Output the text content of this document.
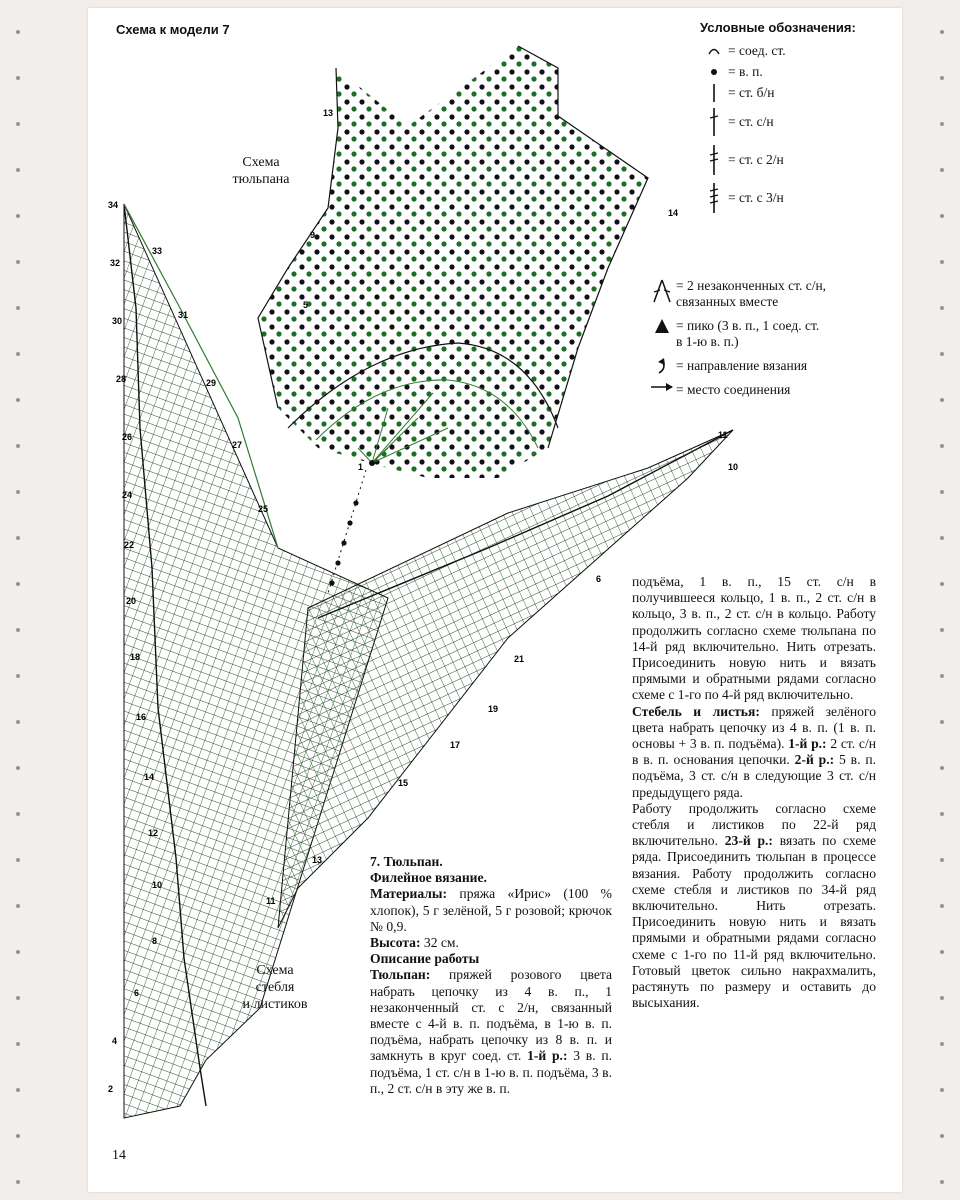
Схема к модели 7
1
5
9
13
14
34
32
30
28
26
24
22
20
18
16
14
12
10
8
6
4
2
33
31
29
27
25
11
10
6
21
19
17
15
13
11
Схема
тюльпана
Схема
стебля
и листиков
Условные обозначения:
= соед. ст.
= в. п.
= ст. б/н
= ст. с/н
= ст. с 2/н
= ст. с 3/н
= 2 незаконченных ст. с/н,
связанных вместе
= пико (3 в. п., 1 соед. ст.
в 1-ю в. п.)
= направление вязания
= место соединения

7. Тюльпан.

Филейное вязание.

Материалы: пряжа «Ирис» (100 % хлопок), 5 г зелёной, 5 г розовой; крючок № 0,9.

Высота: 32 см.

Описание работы

Тюльпан: пряжей розового цвета набрать цепочку из 4 в. п., 1 незаконченный ст. с 2/н, связанный вместе с 4-й в. п. подъёма, в 1-ю в. п. подъёма, набрать цепочку из 8 в. п. и замкнуть в круг соед. ст. 1-й р.: 3 в. п. подъёма, 1 ст. с/н в 1-ю в. п. подъёма, 3 в. п., 2 ст. с/н в эту же в. п.

подъёма, 1 в. п., 15 ст. с/н в получившееся кольцо, 1 в. п., 2 ст. с/н в кольцо, 3 в. п., 2 ст. с/н в кольцо. Работу продолжить согласно схеме тюльпана по 14-й ряд включительно. Нить отрезать. Присоединить новую нить и вязать прямыми и обратными рядами согласно схеме с 1-го по 4-й ряд включительно.

Стебель и листья: пряжей зелёного цвета набрать цепочку из 4 в. п. (1 в. п. основы + 3 в. п. подъёма). 1-й р.: 2 ст. с/н в в. п. основания цепочки. 2-й р.: 5 в. п. подъёма, 3 ст. с/н в следующие 3 ст. с/н предыдущего ряда.

Работу продолжить согласно схеме стебля и листиков по 22-й ряд включительно. 23-й р.: вязать по схеме ряда. Присоединить тюльпан в процессе вязания. Работу продолжить согласно схеме стебля и листиков по 34-й ряд включительно. Нить отрезать. Присоединить новую нить и вязать прямыми и обратными рядами согласно схеме с 1-го по 11-й ряд включительно. Готовый цветок сильно накрахмалить, растянуть по размеру и оставить до высыхания.

14
